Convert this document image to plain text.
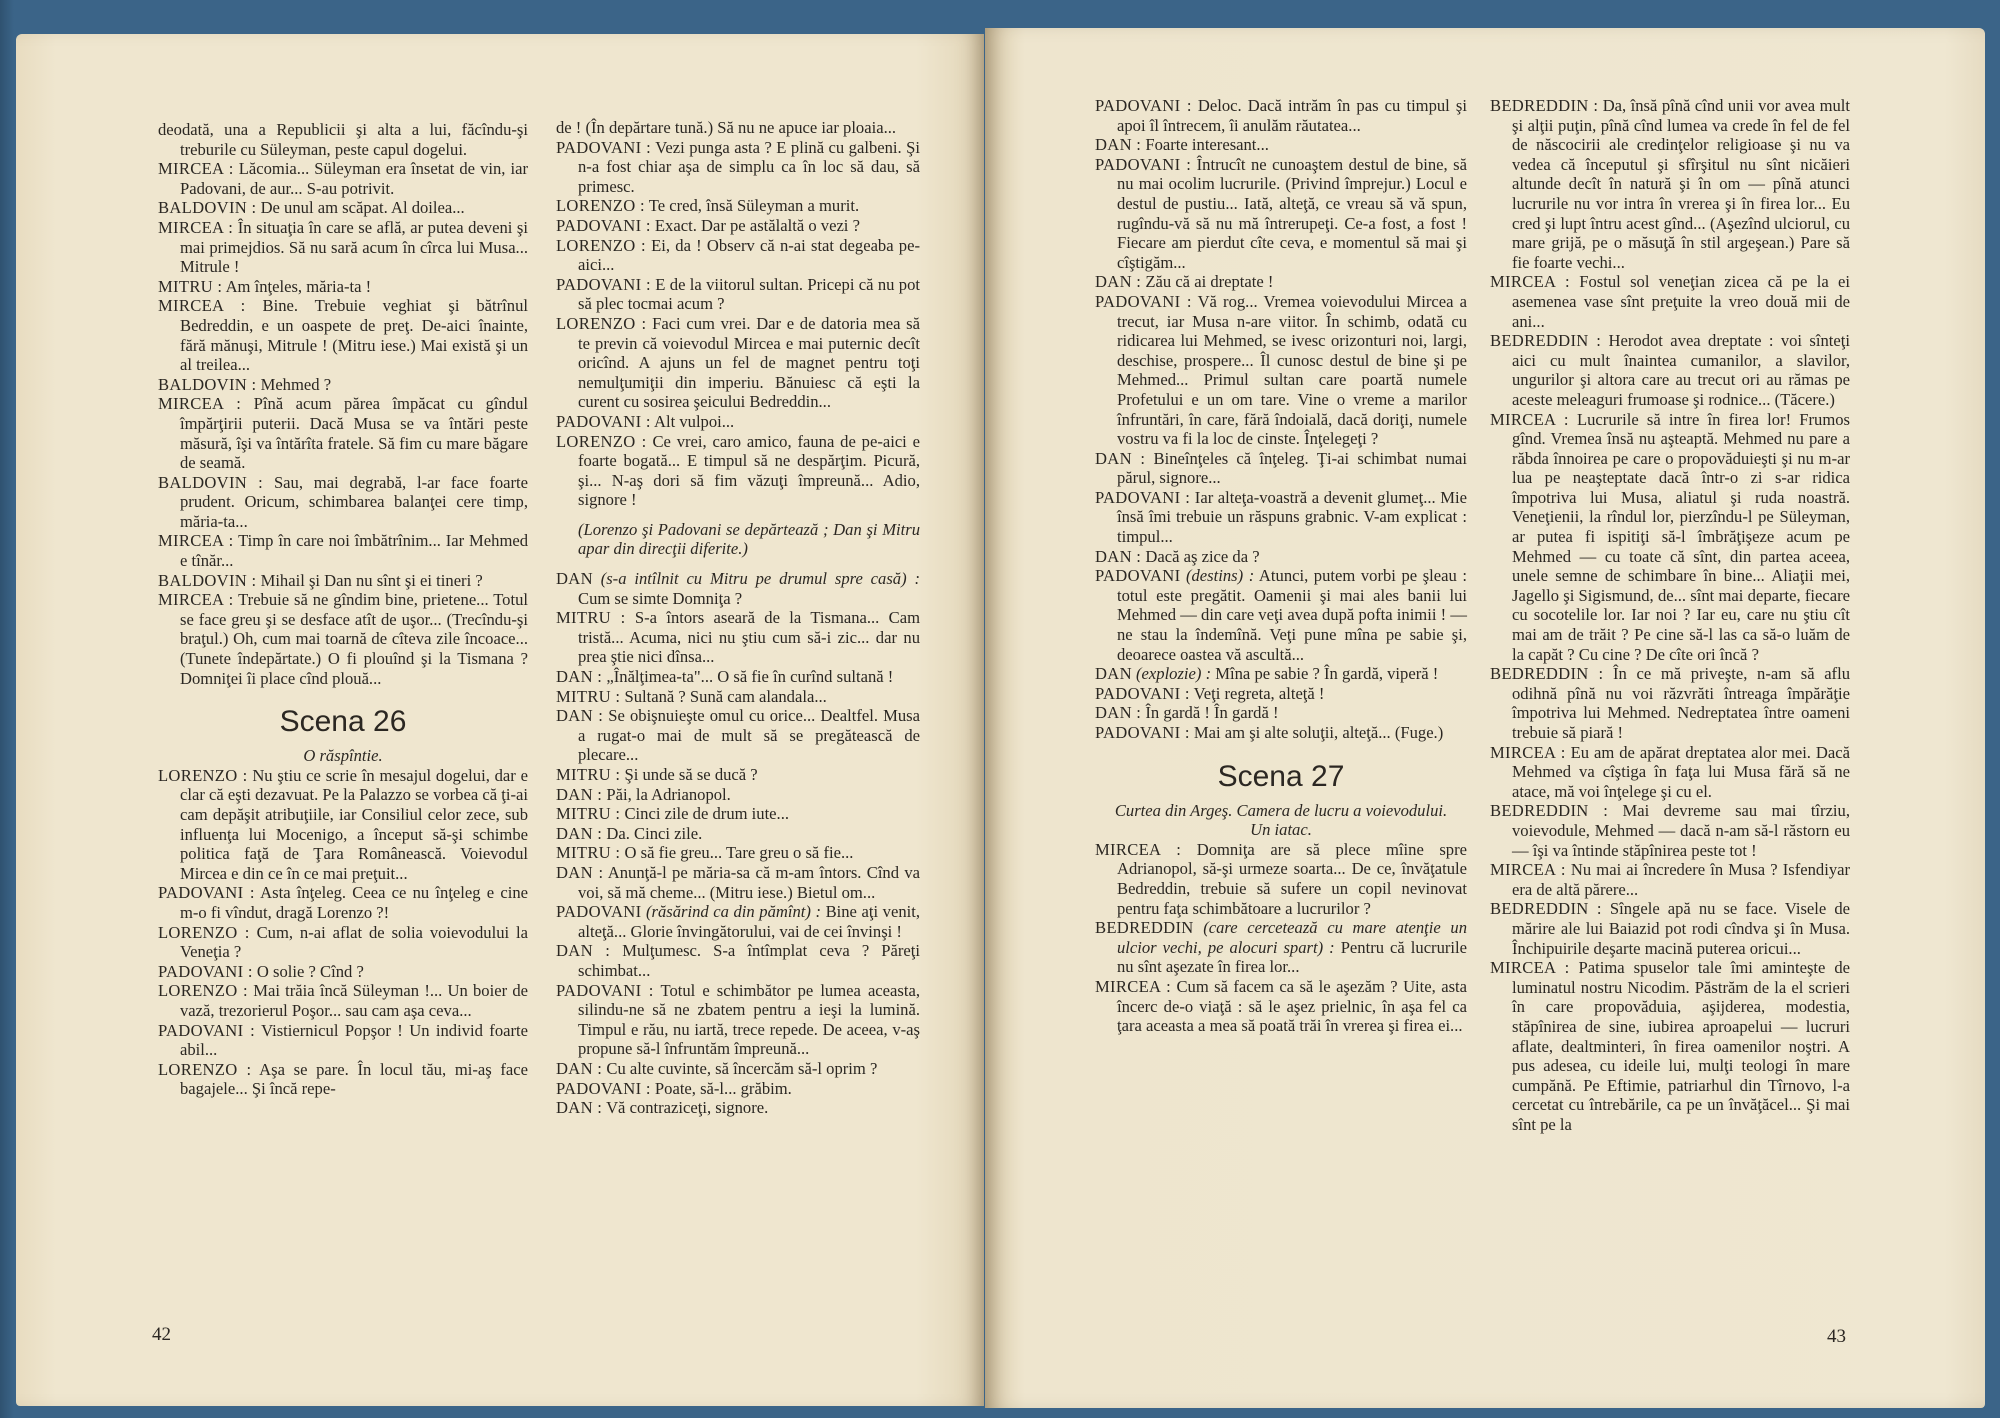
deodată, una a Republicii şi alta a lui, făcîndu-şi treburile cu Süleyman, peste capul dogelui.

MIRCEA : Lăcomia... Süleyman era însetat de vin, iar Padovani, de aur... S-au potrivit.

BALDOVIN : De unul am scăpat. Al doilea...

MIRCEA : În situaţia în care se află, ar putea deveni şi mai primejdios. Să nu sară acum în cîrca lui Musa... Mitrule !

MITRU : Am înţeles, măria-ta !

MIRCEA : Bine. Trebuie veghiat şi bătrînul Bedreddin, e un oaspete de preţ. De-aici înainte, fără mănuşi, Mitrule ! (Mitru iese.) Mai există şi un al treilea...

BALDOVIN : Mehmed ?

MIRCEA : Pînă acum părea împăcat cu gîndul împărţirii puterii. Dacă Musa se va întări peste măsură, îşi va întărîta fratele. Să fim cu mare băgare de seamă.

BALDOVIN : Sau, mai degrabă, l-ar face foarte prudent. Oricum, schimbarea balanţei cere timp, măria-ta...

MIRCEA : Timp în care noi îmbătrînim... Iar Mehmed e tînăr...

BALDOVIN : Mihail şi Dan nu sînt şi ei tineri ?

MIRCEA : Trebuie să ne gîndim bine, prietene... Totul se face greu şi se desface atît de uşor... (Trecîndu-şi braţul.) Oh, cum mai toarnă de cîteva zile încoace... (Tunete îndepărtate.) O fi plouînd şi la Tismana ? Domniţei îi place cînd plouă...

Scena 26

O răspîntie.

LORENZO : Nu ştiu ce scrie în mesajul dogelui, dar e clar că eşti dezavuat. Pe la Palazzo se vorbea că ţi-ai cam depăşit atribuţiile, iar Consiliul celor zece, sub influenţa lui Mocenigo, a început să-şi schimbe politica faţă de Ţara Românească. Voievodul Mircea e din ce în ce mai preţuit...

PADOVANI : Asta înţeleg. Ceea ce nu înţeleg e cine m-o fi vîndut, dragă Lorenzo ?!

LORENZO : Cum, n-ai aflat de solia voievodului la Veneţia ?

PADOVANI : O solie ? Cînd ?

LORENZO : Mai trăia încă Süleyman !... Un boier de vază, trezorierul Poşor... sau cam aşa ceva...

PADOVANI : Vistiernicul Popşor ! Un individ foarte abil...

LORENZO : Aşa se pare. În locul tău, mi-aş face bagajele... Şi încă repe-

de ! (În depărtare tună.) Să nu ne apuce iar ploaia...

PADOVANI : Vezi punga asta ? E plină cu galbeni. Şi n-a fost chiar aşa de simplu ca în loc să dau, să primesc.

LORENZO : Te cred, însă Süleyman a murit.

PADOVANI : Exact. Dar pe astălaltă o vezi ?

LORENZO : Ei, da ! Observ că n-ai stat degeaba pe-aici...

PADOVANI : E de la viitorul sultan. Pricepi că nu pot să plec tocmai acum ?

LORENZO : Faci cum vrei. Dar e de datoria mea să te previn că voievodul Mircea e mai puternic decît oricînd. A ajuns un fel de magnet pentru toţi nemulţumiţii din imperiu. Bănuiesc că eşti la curent cu sosirea şeicului Bedreddin...

PADOVANI : Alt vulpoi...

LORENZO : Ce vrei, caro amico, fauna de pe-aici e foarte bogată... E timpul să ne despărţim. Picură, şi... N-aş dori să fim văzuţi împreună... Adio, signore !

(Lorenzo şi Padovani se depărtează ; Dan şi Mitru apar din direcţii diferite.)

DAN (s-a intîlnit cu Mitru pe drumul spre casă) : Cum se simte Domniţa ?

MITRU : S-a întors aseară de la Tismana... Cam tristă... Acuma, nici nu ştiu cum să-i zic... dar nu prea ştie nici dînsa...

DAN : „Înălţimea-ta"... O să fie în curînd sultană !

MITRU : Sultană ? Sună cam alandala...

DAN : Se obişnuieşte omul cu orice... Dealtfel. Musa a rugat-o mai de mult să se pregătească de plecare...

MITRU : Şi unde să se ducă ?

DAN : Păi, la Adrianopol.

MITRU : Cinci zile de drum iute...

DAN : Da. Cinci zile.

MITRU : O să fie greu... Tare greu o să fie...

DAN : Anunţă-l pe măria-sa că m-am întors. Cînd va voi, să mă cheme... (Mitru iese.) Bietul om...

PADOVANI (răsărind ca din pămînt) : Bine aţi venit, alteţă... Glorie învingătorului, vai de cei învinşi !

DAN : Mulţumesc. S-a întîmplat ceva ? Păreţi schimbat...

PADOVANI : Totul e schimbător pe lumea aceasta, silindu-ne să ne zbatem pentru a ieşi la lumină. Timpul e rău, nu iartă, trece repede. De aceea, v-aş propune să-l înfruntăm împreună...

DAN : Cu alte cuvinte, să încercăm să-l oprim ?

PADOVANI : Poate, să-l... grăbim.

DAN : Vă contraziceţi, signore.

42

PADOVANI : Deloc. Dacă intrăm în pas cu timpul şi apoi îl întrecem, îi anulăm răutatea...

DAN : Foarte interesant...

PADOVANI : Întrucît ne cunoaştem destul de bine, să nu mai ocolim lucrurile. (Privind împrejur.) Locul e destul de pustiu... Iată, alteţă, ce vreau să vă spun, rugîndu-vă să nu mă întrerupeţi. Ce-a fost, a fost ! Fiecare am pierdut cîte ceva, e momentul să mai şi cîştigăm...

DAN : Zău că ai dreptate !

PADOVANI : Vă rog... Vremea voievodului Mircea a trecut, iar Musa n-are viitor. În schimb, odată cu ridicarea lui Mehmed, se ivesc orizonturi noi, largi, deschise, prospere... Îl cunosc destul de bine şi pe Mehmed... Primul sultan care poartă numele Profetului e un om tare. Vine o vreme a marilor înfruntări, în care, fără îndoială, dacă doriţi, numele vostru va fi la loc de cinste. Înţelegeţi ?

DAN : Bineînţeles că înţeleg. Ţi-ai schimbat numai părul, signore...

PADOVANI : Iar alteţa-voastră a devenit glumeţ... Mie însă îmi trebuie un răspuns grabnic. V-am explicat : timpul...

DAN : Dacă aş zice da ?

PADOVANI (destins) : Atunci, putem vorbi pe şleau : totul este pregătit. Oamenii şi mai ales banii lui Mehmed — din care veţi avea după pofta inimii ! — ne stau la îndemînă. Veţi pune mîna pe sabie şi, deoarece oastea vă ascultă...

DAN (explozie) : Mîna pe sabie ? În gardă, viperă !

PADOVANI : Veţi regreta, alteţă !

DAN : În gardă ! În gardă !

PADOVANI : Mai am şi alte soluţii, alteţă... (Fuge.)

Scena 27

Curtea din Argeş. Camera de lucru a voievodului. Un iatac.

MIRCEA : Domniţa are să plece mîine spre Adrianopol, să-şi urmeze soarta... De ce, învăţatule Bedreddin, trebuie să sufere un copil nevinovat pentru faţa schimbătoare a lucrurilor ?

BEDREDDIN (care cercetează cu mare atenţie un ulcior vechi, pe alocuri spart) : Pentru că lucrurile nu sînt aşezate în firea lor...

MIRCEA : Cum să facem ca să le aşezăm ? Uite, asta încerc de-o viaţă : să le aşez prielnic, în aşa fel ca ţara aceasta a mea să poată trăi în vrerea şi firea ei...

BEDREDDIN : Da, însă pînă cînd unii vor avea mult şi alţii puţin, pînă cînd lumea va crede în fel de fel de născocirii ale credinţelor religioase şi nu va vedea că începutul şi sfîrşitul nu sînt nicăieri altunde decît în natură şi în om — pînă atunci lucrurile nu vor intra în vrerea şi în firea lor... Eu cred şi lupt întru acest gînd... (Aşezînd ulciorul, cu mare grijă, pe o măsuţă în stil argeşean.) Pare să fie foarte vechi...

MIRCEA : Fostul sol veneţian zicea că pe la ei asemenea vase sînt preţuite la vreo două mii de ani...

BEDREDDIN : Herodot avea dreptate : voi sînteţi aici cu mult înaintea cumanilor, a slavilor, ungurilor şi altora care au trecut ori au rămas pe aceste meleaguri frumoase şi rodnice... (Tăcere.)

MIRCEA : Lucrurile să intre în firea lor! Frumos gînd. Vremea însă nu aşteaptă. Mehmed nu pare a răbda înnoirea pe care o propovăduieşti şi nu m-ar lua pe neaşteptate dacă într-o zi s-ar ridica împotriva lui Musa, aliatul şi ruda noastră. Veneţienii, la rîndul lor, pierzîndu-l pe Süleyman, ar putea fi ispitiţi să-l îmbrăţişeze acum pe Mehmed — cu toate că sînt, din partea aceea, unele semne de schimbare în bine... Aliaţii mei, Jagello şi Sigismund, de... sînt mai departe, fiecare cu socotelile lor. Iar noi ? Iar eu, care nu ştiu cît mai am de trăit ? Pe cine să-l las ca să-o luăm de la capăt ? Cu cine ? De cîte ori încă ?

BEDREDDIN : În ce mă priveşte, n-am să aflu odihnă pînă nu voi răzvrăti întreaga împărăţie împotriva lui Mehmed. Nedreptatea între oameni trebuie să piară !

MIRCEA : Eu am de apărat dreptatea alor mei. Dacă Mehmed va cîştiga în faţa lui Musa fără să ne atace, mă voi înţelege şi cu el.

BEDREDDIN : Mai devreme sau mai tîrziu, voievodule, Mehmed — dacă n-am să-l răstorn eu — îşi va întinde stăpînirea peste tot !

MIRCEA : Nu mai ai încredere în Musa ? Isfendiyar era de altă părere...

BEDREDDIN : Sîngele apă nu se face. Visele de mărire ale lui Baiazid pot rodi cîndva şi în Musa. Închipuirile deşarte macină puterea oricui...

MIRCEA : Patima spuselor tale îmi aminteşte de luminatul nostru Nicodim. Păstrăm de la el scrieri în care propovăduia, aşijderea, modestia, stăpînirea de sine, iubirea aproapelui — lucruri aflate, dealtminteri, în firea oamenilor noştri. A pus adesea, cu ideile lui, mulţi teologi în mare cumpănă. Pe Eftimie, patriarhul din Tîrnovo, l-a cercetat cu întrebările, ca pe un învăţăcel... Şi mai sînt pe la

43
